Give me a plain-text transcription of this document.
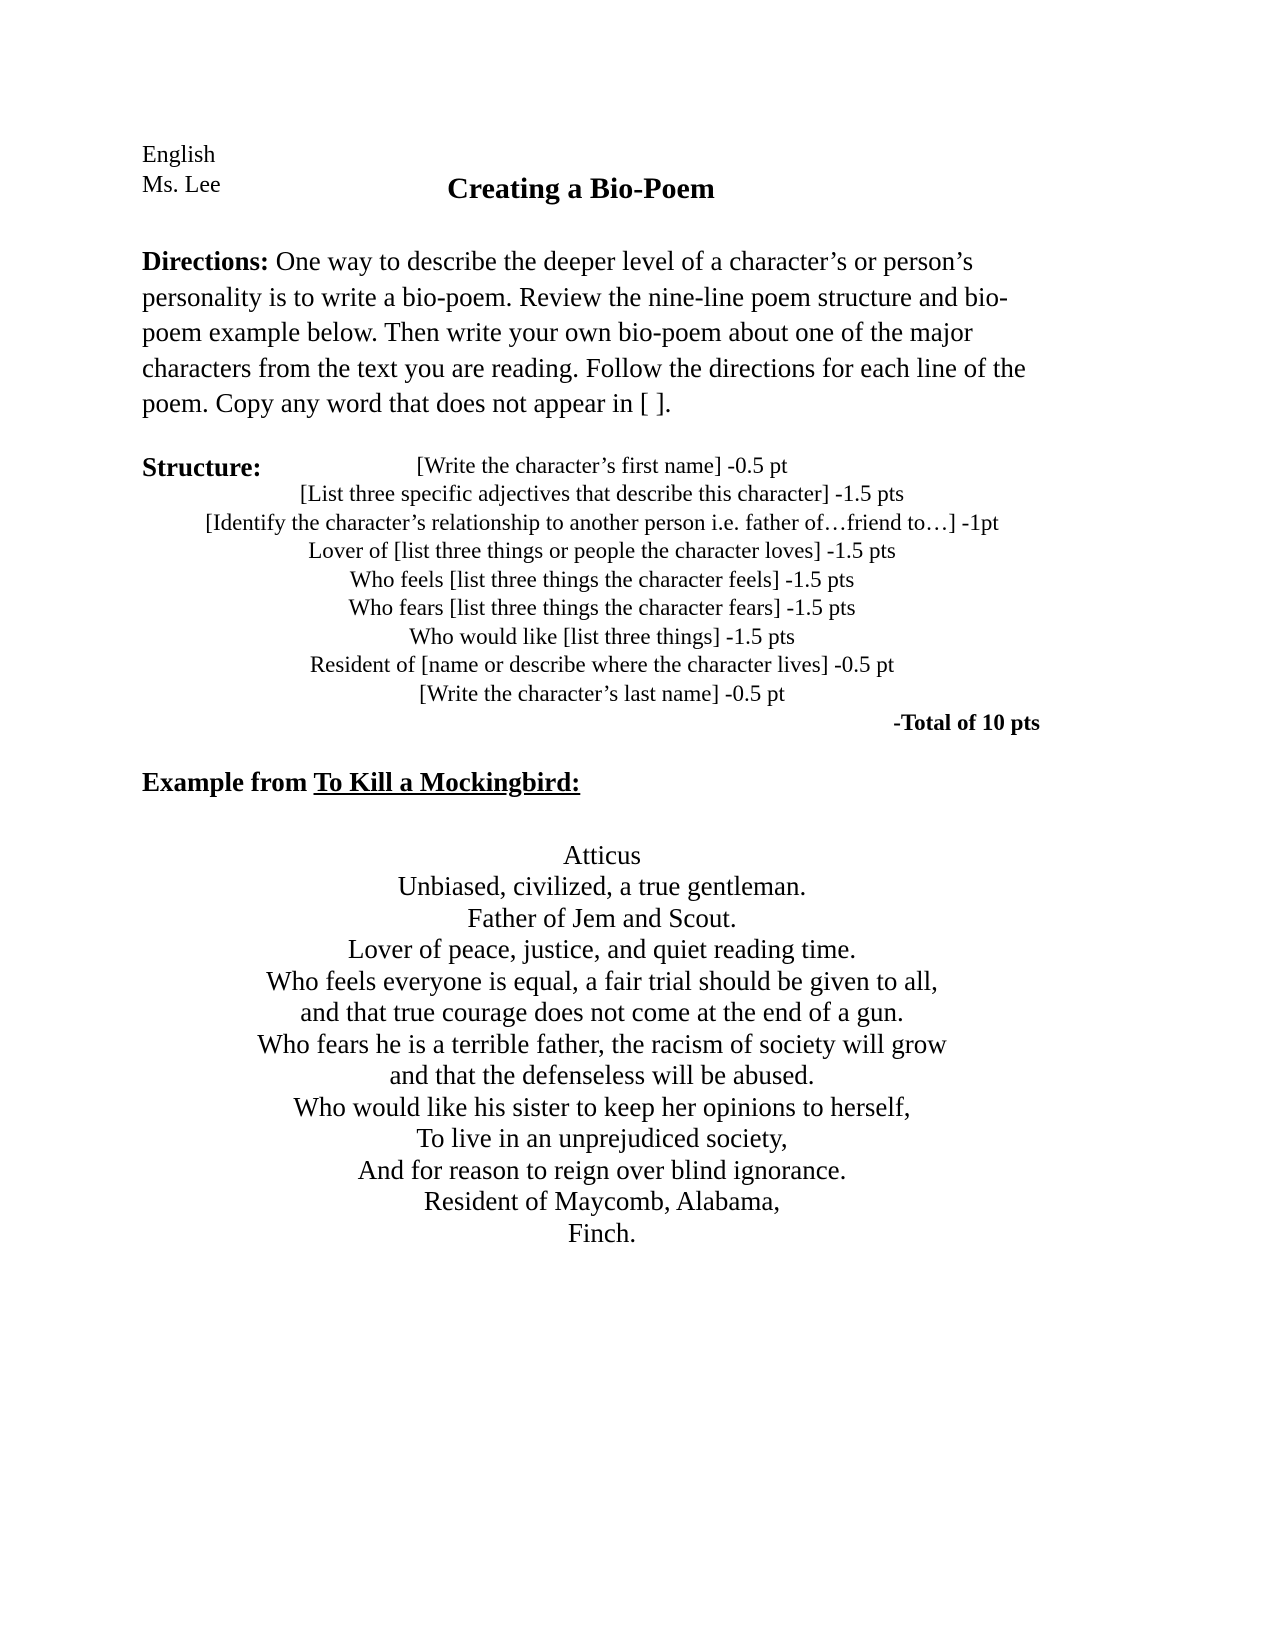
English
Ms. Lee	Creating a Bio-Poem

Directions: One way to describe the deeper level of a character’s or person’s personality is to write a bio-poem. Review the nine-line poem structure and bio-poem example below. Then write your own bio-poem about one of the major characters from the text you are reading. Follow the directions for each line of the poem. Copy any word that does not appear in [ ].

Structure:	[Write the character’s first name] -0.5 pt
[List three specific adjectives that describe this character] -1.5 pts
[Identify the character’s relationship to another person i.e. father of…friend to…] -1pt
Lover of [list three things or people the character loves] -1.5 pts
Who feels [list three things the character feels] -1.5 pts
Who fears [list three things the character fears] -1.5 pts
Who would like [list three things] -1.5 pts
Resident of [name or describe where the character lives] -0.5 pt
[Write the character’s last name] -0.5 pt
-Total of 10 pts
Example from To Kill a Mockingbird:
Atticus
Unbiased, civilized, a true gentleman.
Father of Jem and Scout.
Lover of peace, justice, and quiet reading time.
Who feels everyone is equal, a fair trial should be given to all,
and that true courage does not come at the end of a gun.
Who fears he is a terrible father, the racism of society will grow
and that the defenseless will be abused.
Who would like his sister to keep her opinions to herself,
To live in an unprejudiced society,
And for reason to reign over blind ignorance.
Resident of Maycomb, Alabama,
Finch.
